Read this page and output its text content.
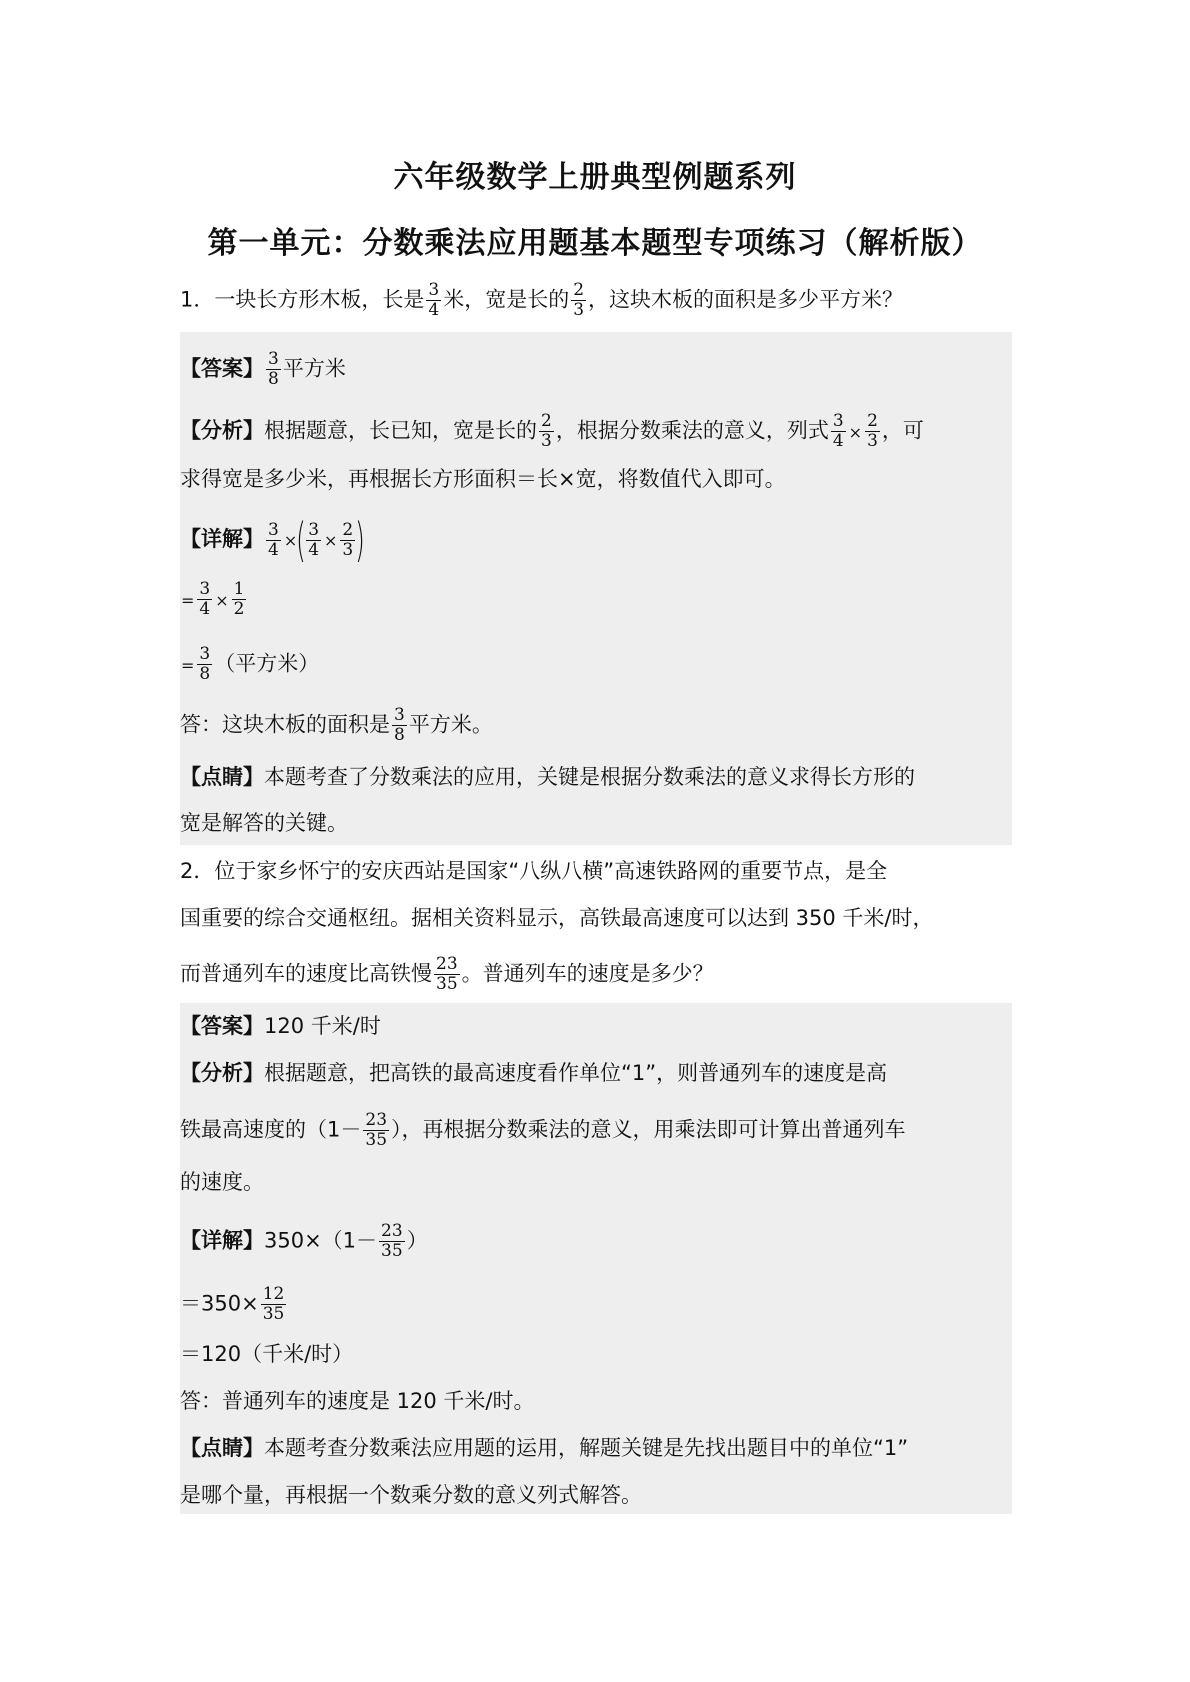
六年级数学上册典型例题系列
第一单元：分数乘法应用题基本题型专项练习（解析版）
1．一块长方形木板，长是 $\frac{3}{4}$ 米，宽是长的 $\frac{2}{3}$ ，这块木板的面积是多少平方米？
【答案】 $\frac{3}{8}$ 平方米
【分析】根据题意，长已知，宽是长的 $\frac{2}{3}$ ，根据分数乘法的意义，列式 $\frac{3}{4} \times \frac{2}{3}$ ，可
求得宽是多少米，再根据长方形面积＝长×宽，将数值代入即可。
【详解】 $\frac{3}{4}$ ×( $\frac{3}{4} \times \frac{2}{3}$ )
= $\frac{3}{4} \times \frac{1}{2}$
= $\frac{3}{8}$ （平方米）
答：这块木板的面积是 $\frac{3}{8}$ 平方米。
【点睛】本题考查了分数乘法的应用，关键是根据分数乘法的意义求得长方形的
宽是解答的关键。
2．位于家乡怀宁的安庆西站是国家“八纵八横”高速铁路网的重要节点，是全
国重要的综合交通枢纽。据相关资料显示，高铁最高速度可以达到 350 千米/时，
而普通列车的速度比高铁慢 $\frac{23}{35}$ 。普通列车的速度是多少？
【答案】120 千米/时
【分析】根据题意，把高铁的最高速度看作单位“1”，则普通列车的速度是高
铁最高速度的（$1- \frac{23}{35}$ ），再根据分数乘法的意义，用乘法即可计算出普通列车
的速度。
【详解】$350\times(1- \frac{23}{35}$ ）
$=350\times \frac{12}{35}$
＝120（千米/时）
答：普通列车的速度是 120 千米/时。
【点睛】本题考查分数乘法应用题的运用，解题关键是先找出题目中的单位“1”
是哪个量，再根据一个数乘分数的意义列式解答。
